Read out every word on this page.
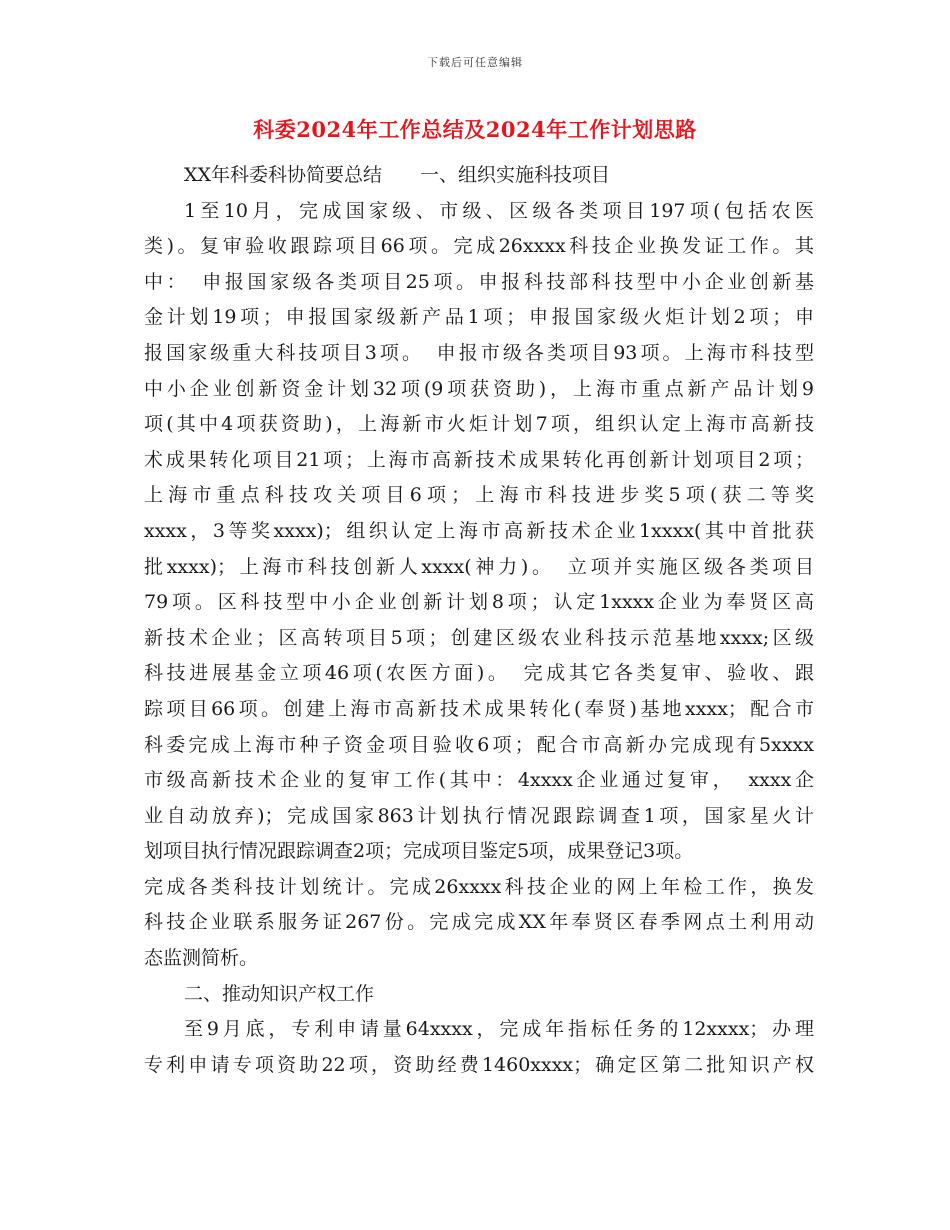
下载后可任意编辑
科委2024年工作总结及2024年工作计划思路
XX年科委科协简要总结　　一、组织实施科技项目
1至10月，完成国家级、市级、区级各类项目197项(包括农医
类)。复审验收跟踪项目66项。完成26xxxx科技企业换发证工作。其
中：　申报国家级各类项目25项。申报科技部科技型中小企业创新基
金计划19项；申报国家级新产品1项；申报国家级火炬计划2项；申
报国家级重大科技项目3项。　申报市级各类项目93项。上海市科技型
中小企业创新资金计划32项(9项获资助)，上海市重点新产品计划9
项(其中4项获资助)，上海新市火炬计划7项，组织认定上海市高新技
术成果转化项目21项；上海市高新技术成果转化再创新计划项目2项；
上海市重点科技攻关项目6项；上海市科技进步奖5项(获二等奖
xxxx，3等奖xxxx)；组织认定上海市高新技术企业1xxxx(其中首批获
批xxxx)；上海市科技创新人xxxx(神力)。　立项并实施区级各类项目
79项。区科技型中小企业创新计划8项；认定1xxxx企业为奉贤区高
新技术企业；区高转项目5项；创建区级农业科技示范基地xxxx;区级
科技进展基金立项46项(农医方面)。　完成其它各类复审、验收、跟
踪项目66项。创建上海市高新技术成果转化(奉贤)基地xxxx；配合市
科委完成上海市种子资金项目验收6项；配合市高新办完成现有5xxxx
市级高新技术企业的复审工作(其中：4xxxx企业通过复审，　xxxx企
业自动放弃)；完成国家863计划执行情况跟踪调查1项，国家星火计
划项目执行情况跟踪调查2项；完成项目鉴定5项，成果登记3项。
完成各类科技计划统计。完成26xxxx科技企业的网上年检工作，换发
科技企业联系服务证267份。完成完成XX年奉贤区春季网点土利用动
态监测简析。
二、推动知识产权工作
至9月底，专利申请量64xxxx，完成年指标任务的12xxxx；办理
专利申请专项资助22项，资助经费1460xxxx；确定区第二批知识产权
